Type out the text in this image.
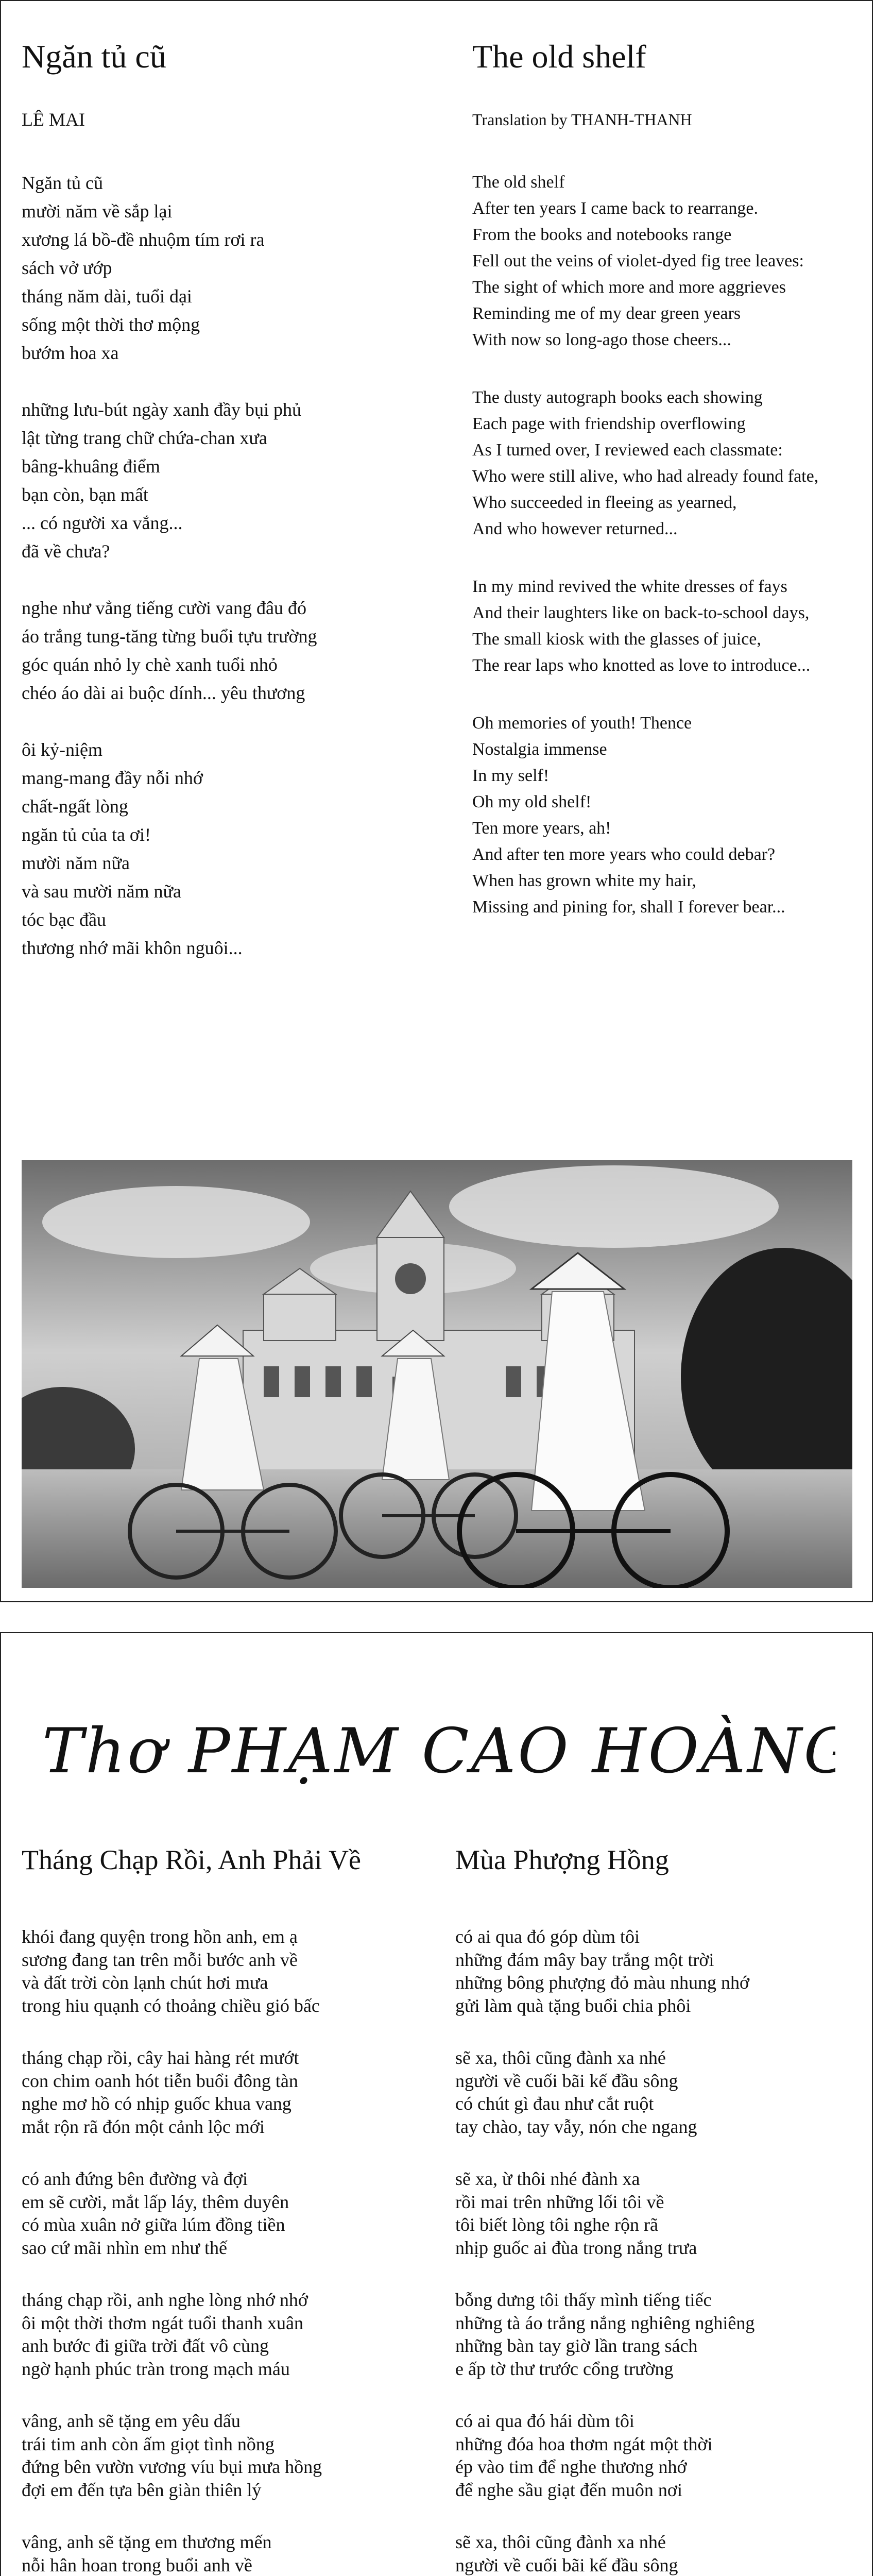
Ngăn tủ cũ
LÊ MAI
Ngăn tủ cũ
mười năm về sắp lại
xương lá bồ-đề nhuộm tím rơi ra
sách vở ướp
tháng năm dài, tuổi dại
sống một thời thơ mộng
bướm hoa xa
những lưu-bút ngày xanh đầy bụi phủ
lật từng trang chữ chứa-chan xưa
bâng-khuâng điểm
bạn còn, bạn mất
... có người xa vắng...
đã về chưa?
nghe như vẳng tiếng cười vang đâu đó
áo trắng tung-tăng từng buổi tựu trường
góc quán nhỏ ly chè xanh tuổi nhỏ
chéo áo dài ai buộc dính... yêu thương
ôi kỷ-niệm
mang-mang đầy nỗi nhớ
chất-ngất lòng
ngăn tủ của ta ơi!
mười năm nữa
và sau mười năm nữa
tóc bạc đầu
thương nhớ mãi khôn nguôi...
The old shelf
Translation by THANH-THANH
The old shelf
After ten years I came back to rearrange.
From the books and notebooks range
Fell out the veins of violet-dyed fig tree leaves:
The sight of which more and more aggrieves
Reminding me of my dear green years
With now so long-ago those cheers...
The dusty autograph books each showing
Each page with friendship overflowing
As I turned over, I reviewed each classmate:
Who were still alive, who had already found fate,
Who succeeded in fleeing as yearned,
And who however returned...
In my mind revived the white dresses of fays
And their laughters like on back-to-school days,
The small kiosk with the glasses of juice,
The rear laps who knotted as love to introduce...
Oh memories of youth! Thence
Nostalgia immense
In my self!
Oh my old shelf!
Ten more years, ah!
And after ten more years who could debar?
When has grown white my hair,
Missing and pining for, shall I forever bear...
Thơ PHẠM CAO HOÀNG
Tháng Chạp Rồi, Anh Phải Về
khói đang quyện trong hồn anh, em ạ
sương đang tan trên mỗi bước anh về
và đất trời còn lạnh chút hơi mưa
trong hiu quạnh có thoảng chiều gió bấc
tháng chạp rồi, cây hai hàng rét mướt
con chim oanh hót tiễn buổi đông tàn
nghe mơ hồ có nhịp guốc khua vang
mắt rộn rã đón một cảnh lộc mới
có anh đứng bên đường và đợi
em sẽ cười, mắt lấp láy, thêm duyên
có mùa xuân nở giữa lúm đồng tiền
sao cứ mãi nhìn em như thế
tháng chạp rồi, anh nghe lòng nhớ nhớ
ôi một thời thơm ngát tuổi thanh xuân
anh bước đi giữa trời đất vô cùng
ngờ hạnh phúc tràn trong mạch máu
vâng, anh sẽ tặng em yêu dấu
trái tim anh còn ấm giọt tình nồng
đứng bên vườn vương víu bụi mưa hồng
đợi em đến tựa bên giàn thiên lý
vâng, anh sẽ tặng em thương mến
nỗi hân hoan trong buổi anh về
Mùa Phượng Hồng
có ai qua đó góp dùm tôi
những đám mây bay trắng một trời
những bông phượng đỏ màu nhung nhớ
gửi làm quà tặng buổi chia phôi
sẽ xa, thôi cũng đành xa nhé
người về cuối bãi kế đầu sông
có chút gì đau như cắt ruột
tay chào, tay vẫy, nón che ngang
sẽ xa, ừ thôi nhé đành xa
rồi mai trên những lối tôi về
tôi biết lòng tôi nghe rộn rã
nhịp guốc ai đùa trong nắng trưa
bỗng dưng tôi thấy mình tiếng tiếc
những tà áo trắng nắng nghiêng nghiêng
những bàn tay giờ lần trang sách
e ấp tờ thư trước cổng trường
có ai qua đó hái dùm tôi
những đóa hoa thơm ngát một thời
ép vào tim để nghe thương nhớ
để nghe sầu giạt đến muôn nơi
sẽ xa, thôi cũng đành xa nhé
người về cuối bãi kế đầu sông
